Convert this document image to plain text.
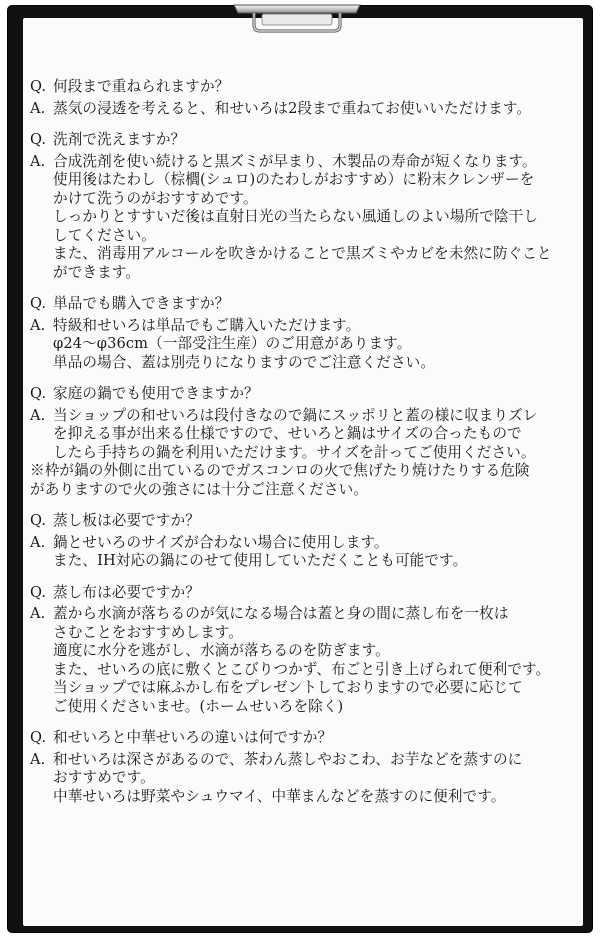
Q. 何段まで重ねられますか？
A. 蒸気の浸透を考えると、和せいろは2段まで重ねてお使いいただけます。
Q. 洗剤で洗えますか？
A. 合成洗剤を使い続けると黒ズミが早まり、木製品の寿命が短くなります。
使用後はたわし（棕櫚(シュロ)のたわしがおすすめ）に粉末クレンザーを
かけて洗うのがおすすめです。
しっかりとすすいだ後は直射日光の当たらない風通しのよい場所で陰干し
してください。
また、消毒用アルコールを吹きかけることで黒ズミやカビを未然に防ぐこと
ができます。
Q. 単品でも購入できますか？
A. 特級和せいろは単品でもご購入いただけます。
φ24～φ36cm（一部受注生産）のご用意があります。
単品の場合、蓋は別売りになりますのでご注意ください。
Q. 家庭の鍋でも使用できますか？
A. 当ショップの和せいろは段付きなので鍋にスッポリと蓋の様に収まりズレ
を抑える事が出来る仕様ですので、せいろと鍋はサイズの合ったもので
したら手持ちの鍋を利用いただけます。サイズを計ってご使用ください。
※枠が鍋の外側に出ているのでガスコンロの火で焦げたり焼けたりする危険
がありますので火の強さには十分ご注意ください。
Q. 蒸し板は必要ですか？
A. 鍋とせいろのサイズが合わない場合に使用します。
また、IH対応の鍋にのせて使用していただくことも可能です。
Q. 蒸し布は必要ですか？
A. 蓋から水滴が落ちるのが気になる場合は蓋と身の間に蒸し布を一枚は
さむことをおすすめします。
適度に水分を逃がし、水滴が落ちるのを防ぎます。
また、せいろの底に敷くとこびりつかず、布ごと引き上げられて便利です。
当ショップでは麻ふかし布をプレゼントしておりますので必要に応じて
ご使用くださいませ。(ホームせいろを除く)
Q. 和せいろと中華せいろの違いは何ですか？
A. 和せいろは深さがあるので、茶わん蒸しやおこわ、お芋などを蒸すのに
おすすめです。
中華せいろは野菜やシュウマイ、中華まんなどを蒸すのに便利です。
